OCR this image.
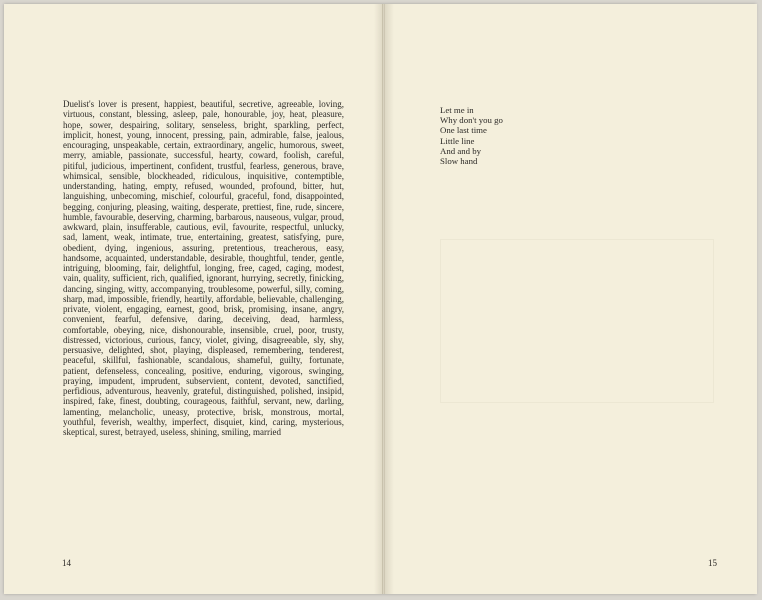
Duelist's lover is present, happiest, beautiful, secretive, agreeable, loving, virtuous, constant, blessing, asleep, pale, honourable, joy, heat, pleasure, hope, sower, despairing, solitary, senseless, bright, sparkling, perfect, implicit, honest, young, innocent, pressing, pain, admirable, false, jealous, encouraging, unspeakable, certain, extraordinary, angelic, humorous, sweet, merry, amiable, passionate, successful, hearty, coward, foolish, careful, pitiful, judicious, impertinent, confident, trustful, fearless, generous, brave, whimsical, sensible, blockheaded, ridiculous, inquisitive, contemptible, understanding, hating, empty, refused, wounded, profound, bitter, hut, languishing, unbecoming, mischief, colourful, graceful, fond, disappointed, begging, conjuring, pleasing, waiting, desperate, prettiest, fine, rude, sincere, humble, favourable, deserving, charming, barbarous, nauseous, vulgar, proud, awkward, plain, insufferable, cautious, evil, favourite, respectful, unlucky, sad, lament, weak, intimate, true, entertaining, greatest, satisfying, pure, obedient, dying, ingenious, assuring, pretentious, treacherous, easy, handsome, acquainted, understandable, desirable, thoughtful, tender, gentle, intriguing, blooming, fair, delightful, longing, free, caged, caging, modest, vain, quality, sufficient, rich, qualified, ignorant, hurrying, secretly, finicking, dancing, singing, witty, accompanying, troublesome, powerful, silly, coming, sharp, mad, impossible, friendly, heartily, affordable, believable, challenging, private, violent, engaging, earnest, good, brisk, promising, insane, angry, convenient, fearful, defensive, daring, deceiving, dead, harmless, comfortable, obeying, nice, dishonourable, insensible, cruel, poor, trusty, distressed, victorious, curious, fancy, violet, giving, disagreeable, sly, shy, persuasive, delighted, shot, playing, displeased, remembering, tenderest, peaceful, skillful, fashionable, scandalous, shameful, guilty, fortunate, patient, defenseless, concealing, positive, enduring, vigorous, swinging, praying, impudent, imprudent, subservient, content, devoted, sanctified, perfidious, adventurous, heavenly, grateful, distinguished, polished, insipid, inspired, fake, finest, doubting, courageous, faithful, servant, new, darling, lamenting, melancholic, uneasy, protective, brisk, monstrous, mortal, youthful, feverish, wealthy, imperfect, disquiet, kind, caring, mysterious, skeptical, surest, betrayed, useless, shining, smiling, married

14
Let me in
Why don't you go
One last time
Little line
And and by
Slow hand
15
